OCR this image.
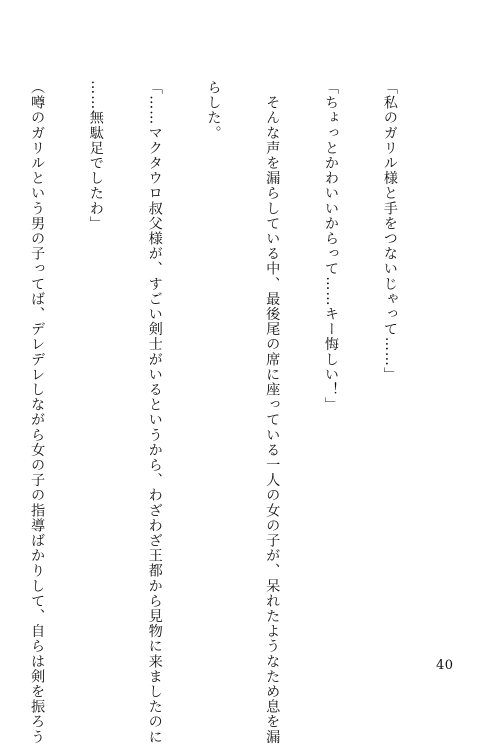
「私のガリル様と手をつないじゃって……」

「ちょっとかわいいからって……キー悔しい！」

　そんな声を漏らしている中、最後尾の席に座っている一人の女の子が、呆れたようなため息を漏

らした。

「……マクタウロ叔父様が、すごい剣士がいるというから、わざわざ王都から見物に来ましたのに

……無駄足でしたわ」

（噂のガリルという男の子ってば、デレデレしながら女の子の指導ばかりして、自らは剣を振ろう

	40
